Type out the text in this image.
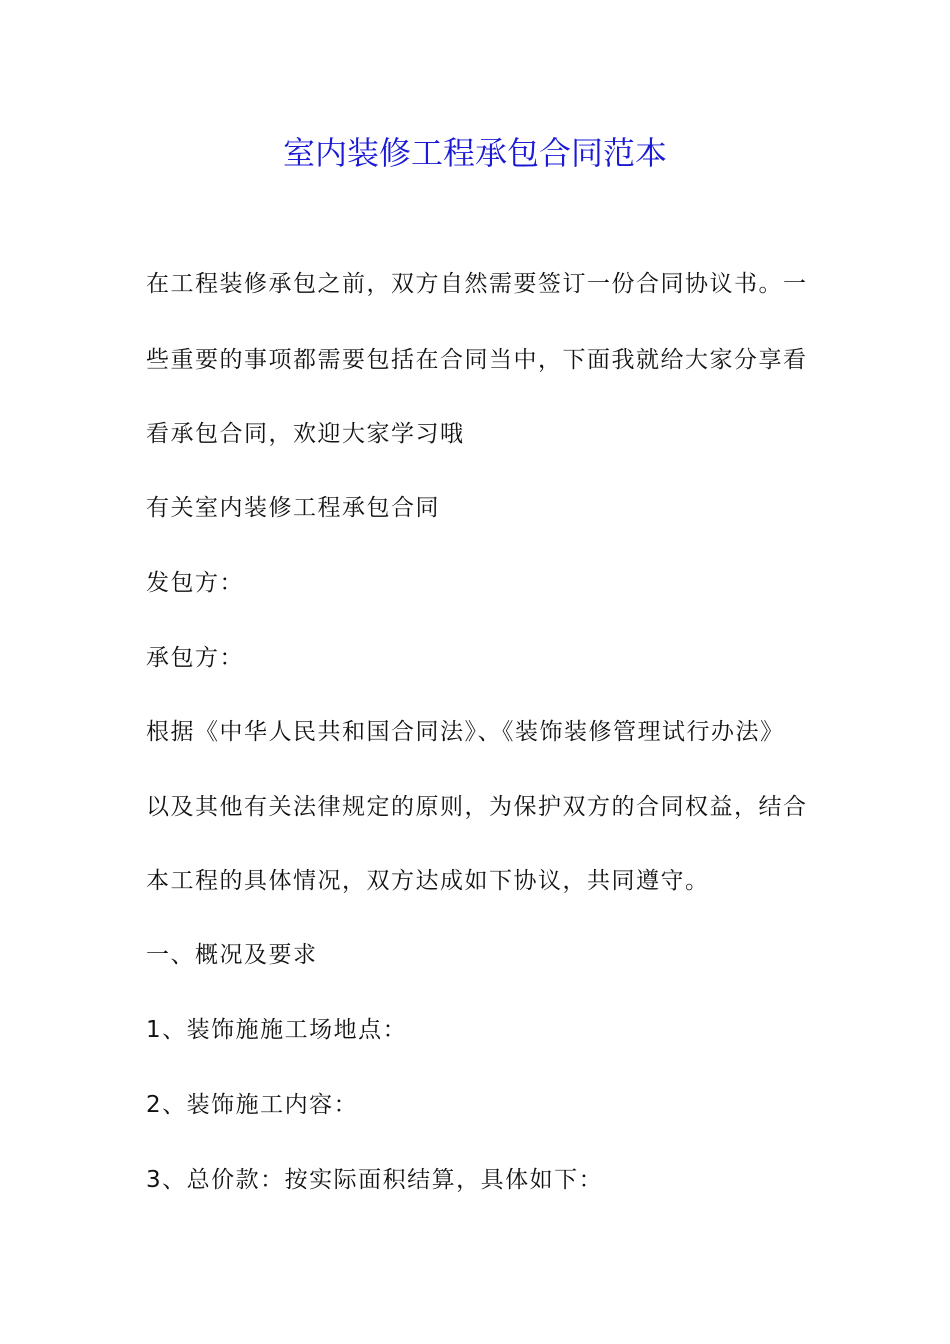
室内装修工程承包合同范本
在工程装修承包之前，双方自然需要签订一份合同协议书。一
些重要的事项都需要包括在合同当中，下面我就给大家分享看
看承包合同，欢迎大家学习哦
有关室内装修工程承包合同
发包方：
承包方：
根据《中华人民共和国合同法》、《装饰装修管理试行办法》
以及其他有关法律规定的原则，为保护双方的合同权益，结合
本工程的具体情况，双方达成如下协议，共同遵守。
一、概况及要求
1、装饰施施工场地点：
2、装饰施工内容：
3、总价款：按实际面积结算，具体如下：
